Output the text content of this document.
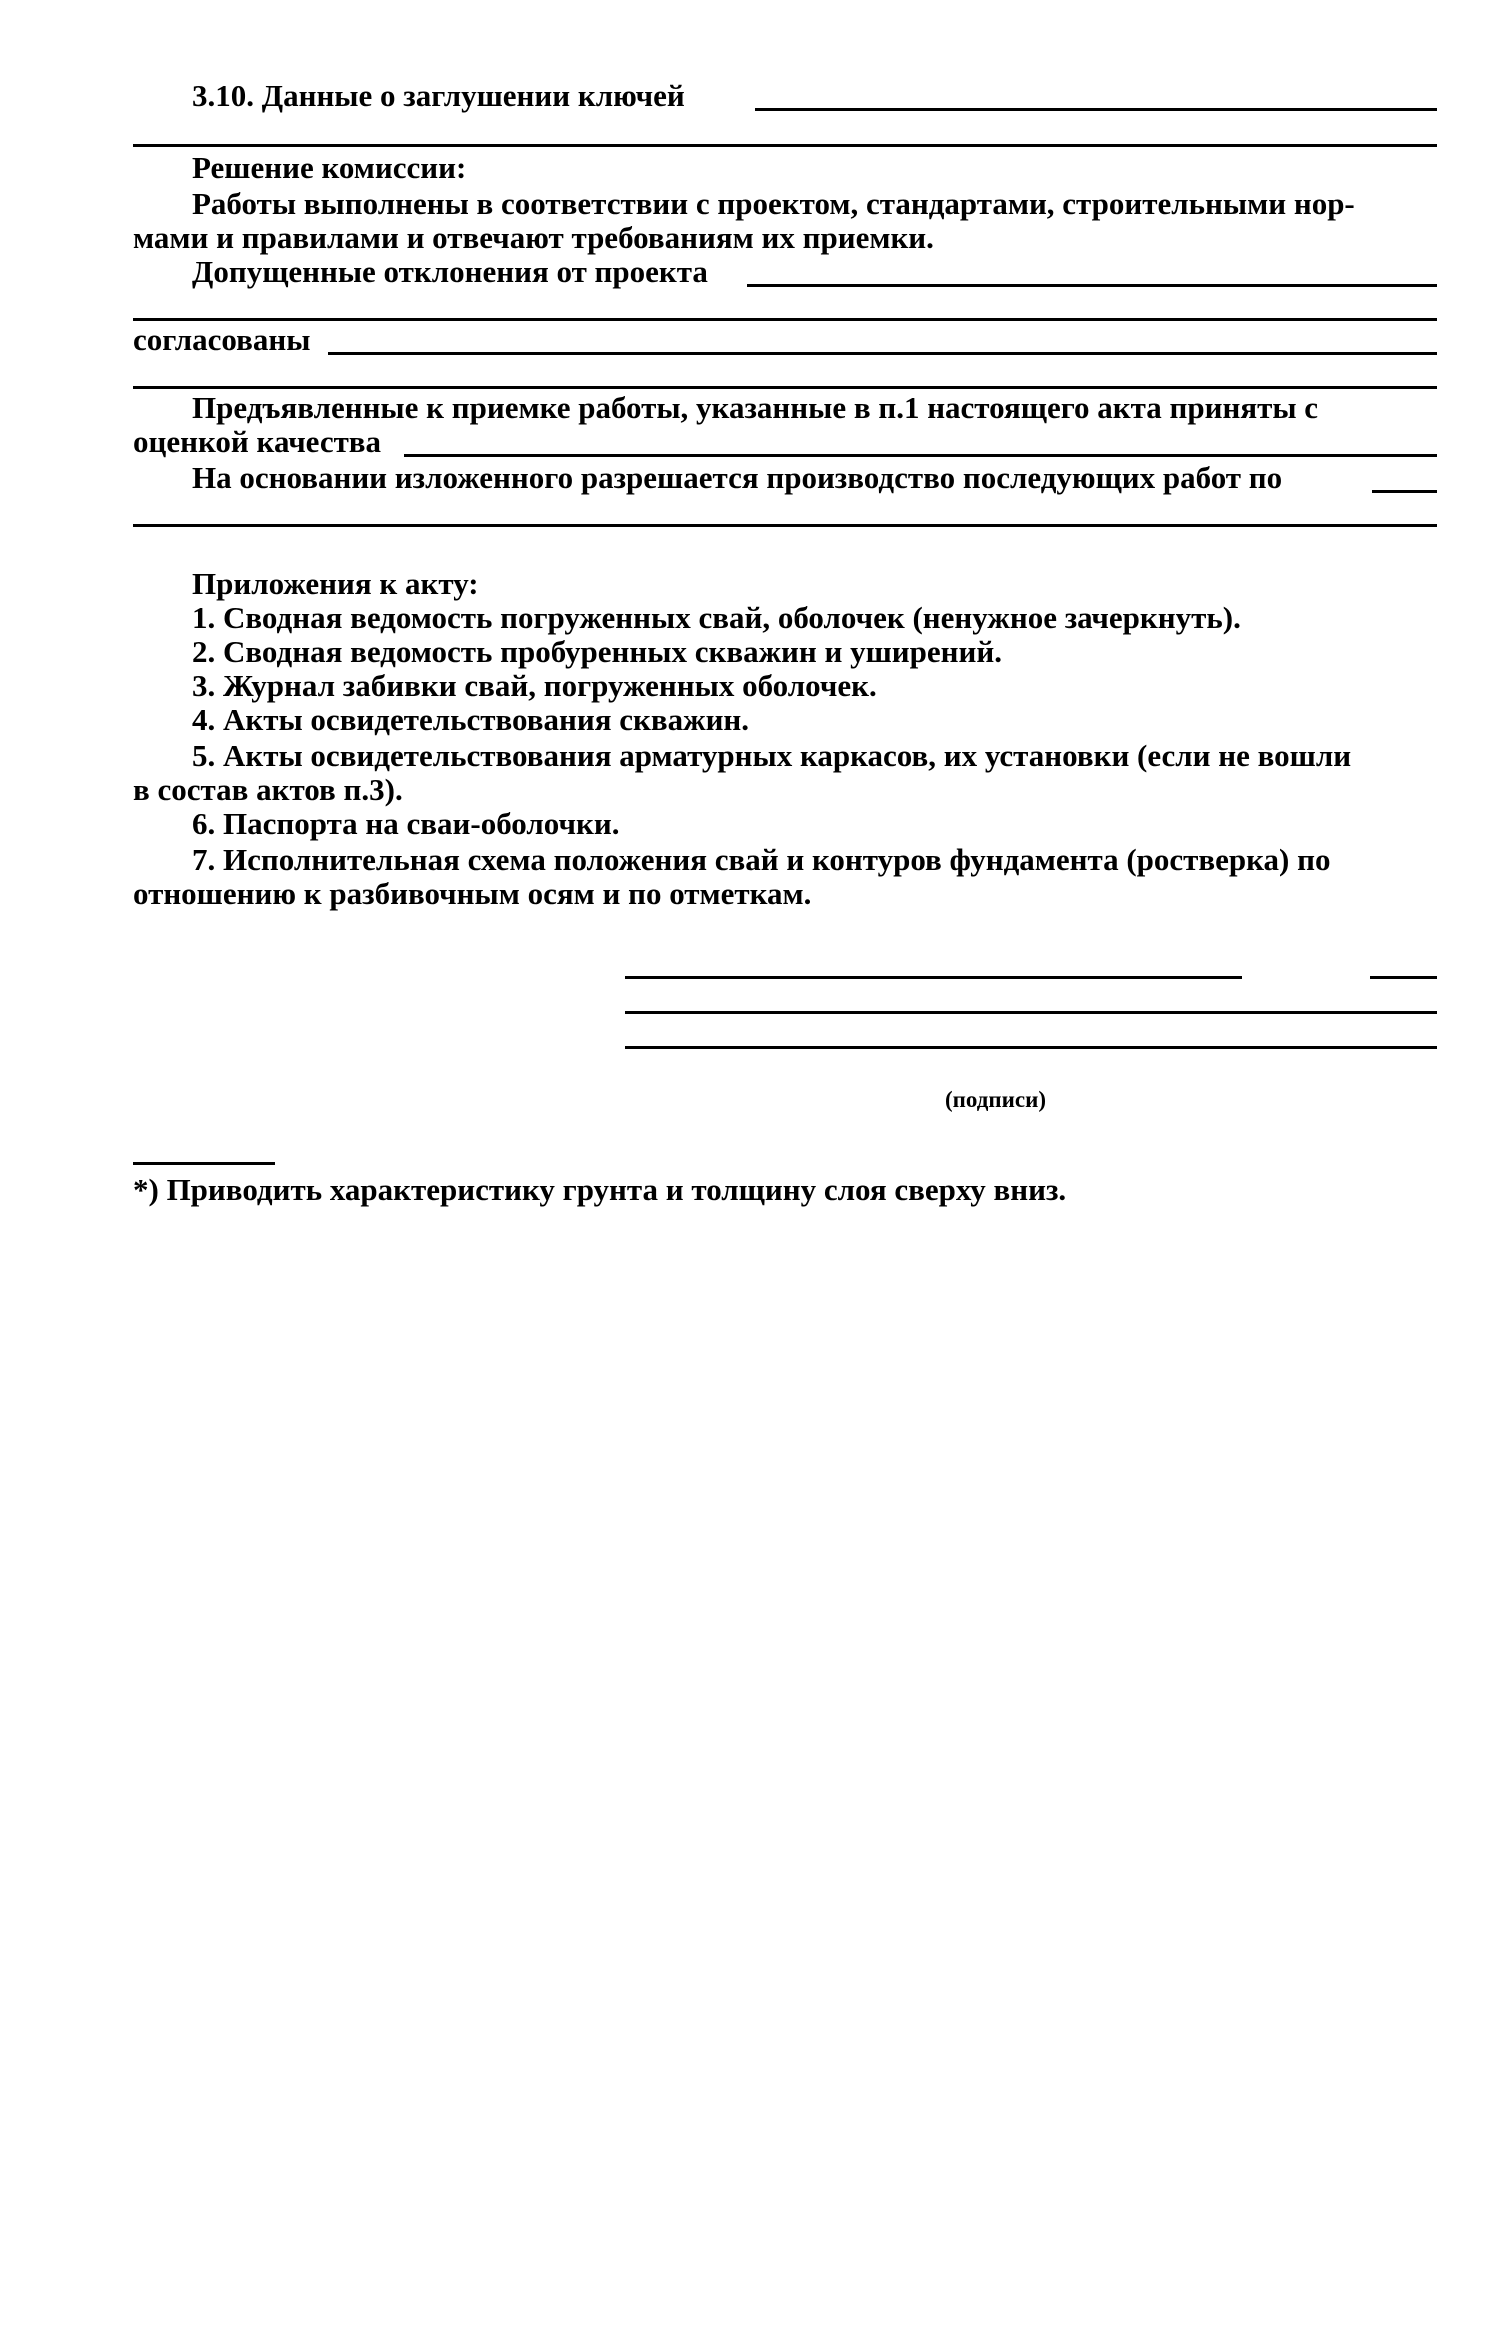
3.10. Данные о заглушении ключей
Решение комиссии:
Работы выполнены в соответствии с проектом, стандартами, строительными нор-
мами и правилами и отвечают требованиям их приемки.
Допущенные отклонения от проекта
согласованы
Предъявленные к приемке работы, указанные в п.1 настоящего акта приняты с
оценкой качества
На основании изложенного разрешается производство последующих работ по
Приложения к акту:
1. Сводная ведомость погруженных свай, оболочек (ненужное зачеркнуть).
2. Сводная ведомость пробуренных скважин и уширений.
3. Журнал забивки свай, погруженных оболочек.
4. Акты освидетельствования скважин.
5. Акты освидетельствования арматурных каркасов, их установки (если не вошли
в состав актов п.3).
6. Паспорта на сваи-оболочки.
7. Исполнительная схема положения свай и контуров фундамента (ростверка) по
отношению к разбивочным осям и по отметкам.
(подписи)
*) Приводить характеристику грунта и толщину слоя сверху вниз.
